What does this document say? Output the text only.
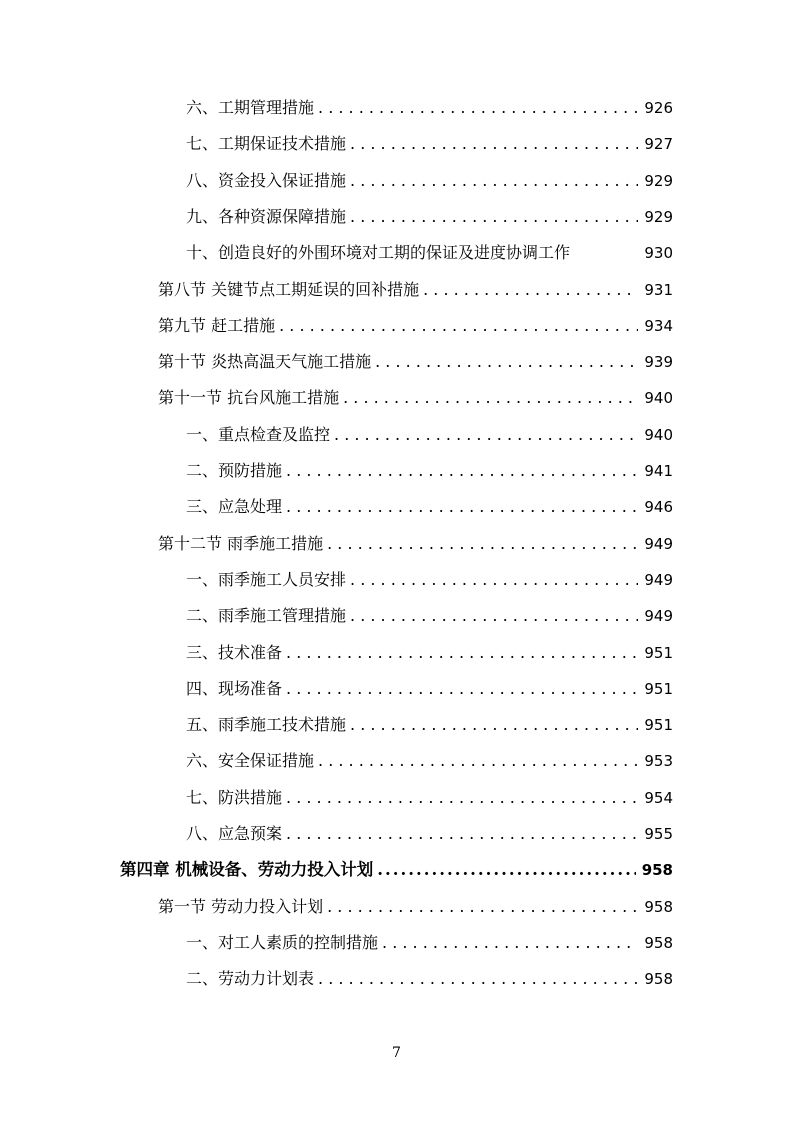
六、工期管理措施 . . .	926
七、工期保证技术措施 . . .	927
八、资金投入保证措施 . . .	929
九、各种资源保障措施 . . .	929
十、创造良好的外围环境对工期的保证及进度协调工作	930
第八节 关键节点工期延误的回补措施 . . .	931
第九节 赶工措施 . . .	934
第十节 炎热高温天气施工措施 . . .	939
第十一节 抗台风施工措施 . . .	940
一、重点检查及监控 . . .	940
二、预防措施 . . .	941
三、应急处理 . . .	946
第十二节 雨季施工措施 . . .	949
一、雨季施工人员安排 . . .	949
二、雨季施工管理措施 . . .	949
三、技术准备 . . .	951
四、现场准备 . . .	951
五、雨季施工技术措施 . . .	951
六、安全保证措施 . . .	953
七、防洪措施 . . .	954
八、应急预案 . . .	955
第四章 机械设备、劳动力投入计划 .....	958
第一节 劳动力投入计划 . . .	958
一、对工人素质的控制措施 . . .	958
二、劳动力计划表 . . .	958
7
